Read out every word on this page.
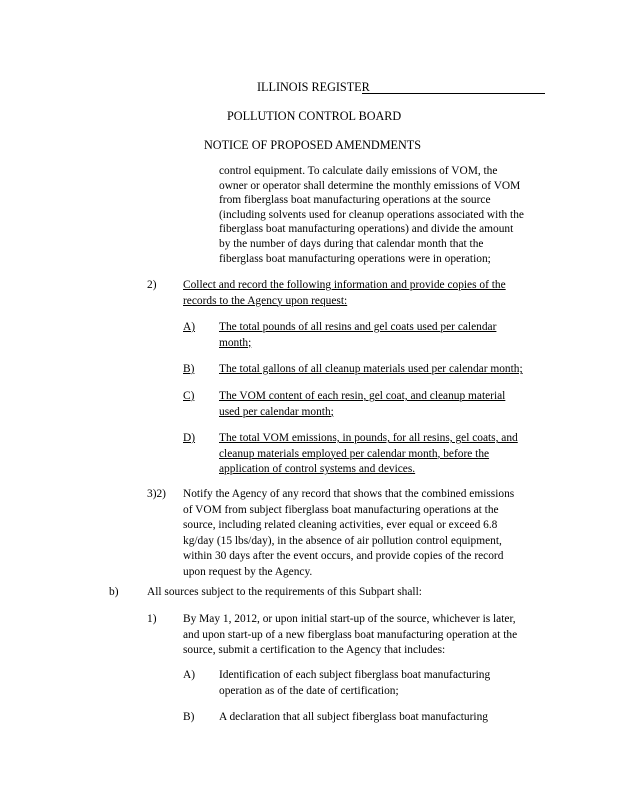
ILLINOIS REGISTER
POLLUTION CONTROL BOARD
NOTICE OF PROPOSED AMENDMENTS
control equipment. To calculate daily emissions of VOM, the
owner or operator shall determine the monthly emissions of VOM
from fiberglass boat manufacturing operations at the source
(including solvents used for cleanup operations associated with the
fiberglass boat manufacturing operations) and divide the amount
by the number of days during that calendar month that the
fiberglass boat manufacturing operations were in operation;
2) Collect and record the following information and provide copies of the
records to the Agency upon request:
A) The total pounds of all resins and gel coats used per calendar
month;
B) The total gallons of all cleanup materials used per calendar month;
C) The VOM content of each resin, gel coat, and cleanup material
used per calendar month;
D) The total VOM emissions, in pounds, for all resins, gel coats, and
cleanup materials employed per calendar month, before the
application of control systems and devices.
3)2) Notify the Agency of any record that shows that the combined emissions
of VOM from subject fiberglass boat manufacturing operations at the
source, including related cleaning activities, ever equal or exceed 6.8
kg/day (15 lbs/day), in the absence of air pollution control equipment,
within 30 days after the event occurs, and provide copies of the record
upon request by the Agency.
b)	All sources subject to the requirements of this Subpart shall:
1) By May 1, 2012, or upon initial start-up of the source, whichever is later,
and upon start-up of a new fiberglass boat manufacturing operation at the
source, submit a certification to the Agency that includes:
A) Identification of each subject fiberglass boat manufacturing
operation as of the date of certification;
B) A declaration that all subject fiberglass boat manufacturing
